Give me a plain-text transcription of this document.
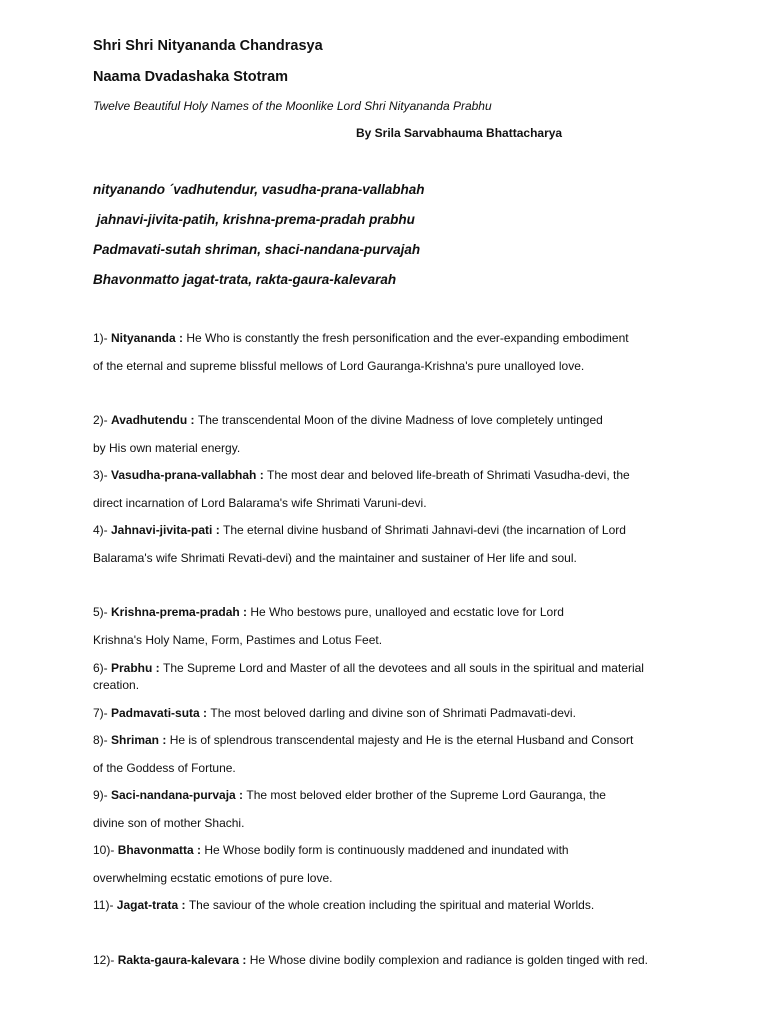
Shri Shri Nityananda Chandrasya
Naama Dvadashaka Stotram
Twelve Beautiful Holy Names of the Moonlike Lord Shri Nityananda Prabhu
By Srila Sarvabhauma Bhattacharya
nityanando ´vadhutendur, vasudha-prana-vallabhah
jahnavi-jivita-patih, krishna-prema-pradah prabhu
Padmavati-sutah shriman, shaci-nandana-purvajah
Bhavonmatto jagat-trata, rakta-gaura-kalevarah
1)- Nityananda : He Who is constantly the fresh personification and the ever-expanding embodiment of the eternal and supreme blissful mellows of Lord Gauranga-Krishna's pure unalloyed love.
2)- Avadhutendu : The transcendental Moon of the divine Madness of love completely untinged by His own material energy.
3)- Vasudha-prana-vallabhah : The most dear and beloved life-breath of Shrimati Vasudha-devi, the direct incarnation of Lord Balarama's wife Shrimati Varuni-devi.
4)- Jahnavi-jivita-pati : The eternal divine husband of Shrimati Jahnavi-devi (the incarnation of Lord Balarama's wife Shrimati Revati-devi) and the maintainer and sustainer of Her life and soul.
5)- Krishna-prema-pradah : He Who bestows pure, unalloyed and ecstatic love for Lord Krishna's Holy Name, Form, Pastimes and Lotus Feet.
6)- Prabhu : The Supreme Lord and Master of all the devotees and all souls in the spiritual and material creation.
7)- Padmavati-suta : The most beloved darling and divine son of Shrimati Padmavati-devi.
8)- Shriman : He is of splendrous transcendental majesty and He is the eternal Husband and Consort of the Goddess of Fortune.
9)- Saci-nandana-purvaja : The most beloved elder brother of the Supreme Lord Gauranga, the divine son of mother Shachi.
10)- Bhavonmatta : He Whose bodily form is continuously maddened and inundated with overwhelming ecstatic emotions of pure love.
11)- Jagat-trata : The saviour of the whole creation including the spiritual and material Worlds.
12)- Rakta-gaura-kalevara : He Whose divine bodily complexion and radiance is golden tinged with red.
